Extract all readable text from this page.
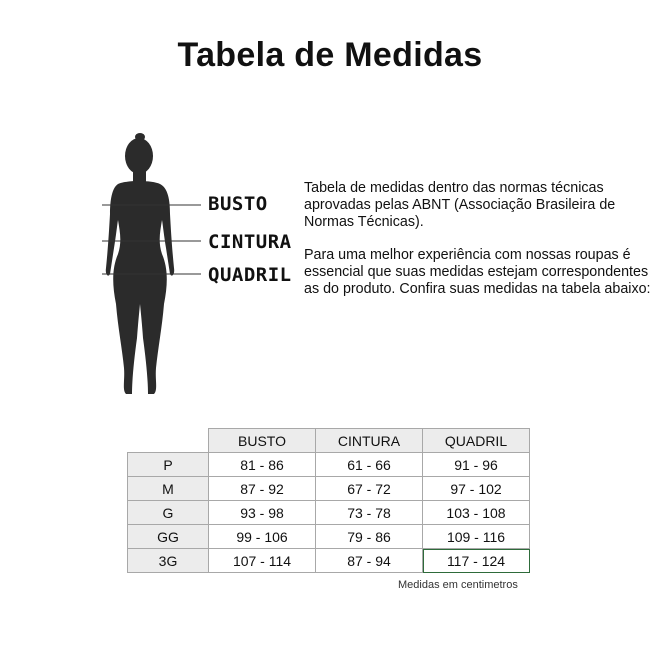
Tabela de Medidas
BUSTO
CINTURA
QUADRIL

Tabela de medidas dentro das normas técnicas aprovadas pelas ABNT (Associação Brasileira de Normas Técnicas).

Para uma melhor experiência com nossas roupas é essencial que suas medidas estejam correspondentes as do produto. Confira suas medidas na tabela abaixo:

	BUSTO	CINTURA	QUADRIL
P	81 - 86	61 - 66	91 - 96
M	87 - 92	67 - 72	97 - 102
G	93 - 98	73 - 78	103 - 108
GG	99 - 106	79 - 86	109 - 116
3G	107 - 114	87 - 94	117 - 124
Medidas em centimetros
